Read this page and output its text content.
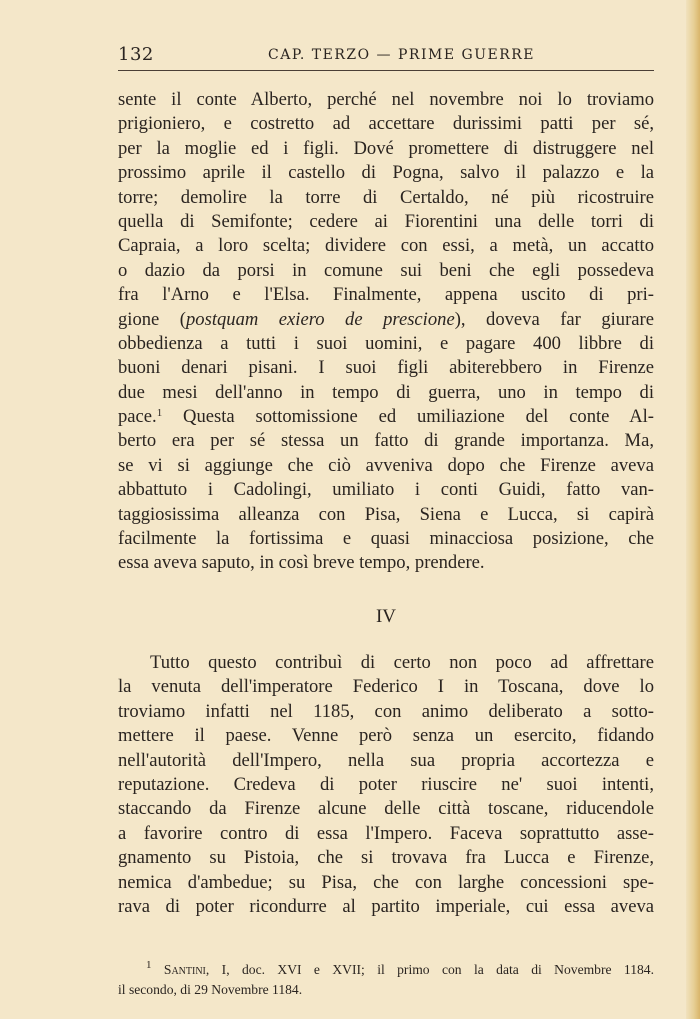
132	CAP. TERZO — PRIME GUERRE
sente il conte Alberto, perché nel novembre noi lo troviamo
prigioniero, e costretto ad accettare durissimi patti per sé,
per la moglie ed i figli. Dové promettere di distruggere nel
prossimo aprile il castello di Pogna, salvo il palazzo e la
torre; demolire la torre di Certaldo, né più ricostruire
quella di Semifonte; cedere ai Fiorentini una delle torri di
Capraia, a loro scelta; dividere con essi, a metà, un accatto
o dazio da porsi in comune sui beni che egli possedeva
fra l'Arno e l'Elsa. Finalmente, appena uscito di pri-
gione (postquam exiero de prescione), doveva far giurare
obbedienza a tutti i suoi uomini, e pagare 400 libbre di
buoni denari pisani. I suoi figli abiterebbero in Firenze
due mesi dell'anno in tempo di guerra, uno in tempo di
pace.$^1$ Questa sottomissione ed umiliazione del conte Al-
berto era per sé stessa un fatto di grande importanza. Ma,
se vi si aggiunge che ciò avveniva dopo che Firenze aveva
abbattuto i Cadolingi, umiliato i conti Guidi, fatto van-
taggiosissima alleanza con Pisa, Siena e Lucca, si capirà
facilmente la fortissima e quasi minacciosa posizione, che
essa aveva saputo, in così breve tempo, prendere.
IV
Tutto questo contribuì di certo non poco ad affrettare
la venuta dell'imperatore Federico I in Toscana, dove lo
troviamo infatti nel 1185, con animo deliberato a sotto-
mettere il paese. Venne però senza un esercito, fidando
nell'autorità dell'Impero, nella sua propria accortezza e
reputazione. Credeva di poter riuscire ne' suoi intenti,
staccando da Firenze alcune delle città toscane, riducendole
a favorire contro di essa l'Impero. Faceva soprattutto asse-
gnamento su Pistoia, che si trovava fra Lucca e Firenze,
nemica d'ambedue; su Pisa, che con larghe concessioni spe-
rava di poter ricondurre al partito imperiale, cui essa aveva
$^1$ Santini, I, doc. XVI e XVII; il primo con la data di Novembre 1184.
il secondo, di 29 Novembre 1184.
